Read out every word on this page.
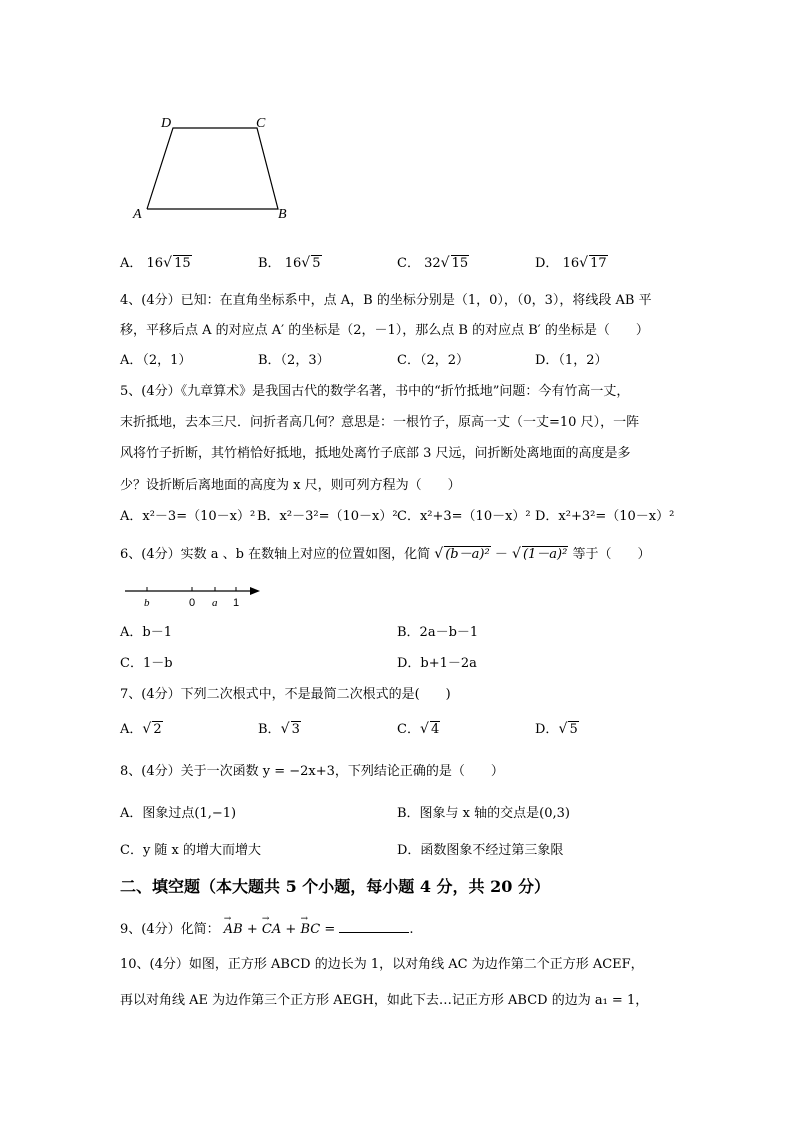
D	C
A	B
A． 16 √ 15	B． 16 √ 5	C． 32 √ 15	D． 16 √ 17
4、(4分）已知：在直角坐标系中，点 A，B 的坐标分别是（1，0），（0，3），将线段 AB 平
移，平移后点 A 的对应点 A′ 的坐标是（2，－1），那么点 B 的对应点 B′ 的坐标是（　　）
A．（2，1）	B．（2，3）	C．（2，2）	D．（1，2）
5、(4分）《九章算术》是我国古代的数学名著，书中的“折竹抵地”问题：今有竹高一丈，
末折抵地，去本三尺．问折者高几何？意思是：一根竹子，原高一丈（一丈=10 尺），一阵
风将竹子折断，其竹梢恰好抵地，抵地处离竹子底部 3 尺远，问折断处离地面的高度是多
少？设折断后离地面的高度为 x 尺，则可列方程为（　　）
A．x²－3=（10－x）² B．x²－3²=（10－x）² C．x²+3=（10－x）² D．x²+3²=（10－x）²
6、(4分）实数 a 、b 在数轴上对应的位置如图，化简 √ (b－a)² － √ (1－a)² 等于（　　）
b	0 a 1
A．b－1	B．2a－b－1
C．1－b	D．b+1－2a
7、(4分）下列二次根式中，不是最简二次根式的是(　　)
A． √ 2	B． √ 3	C． √ 4	D． √ 5
8、(4分）关于一次函数 y = −2x+3，下列结论正确的是（　　）
A．图象过点(1,−1)	B．图象与 x 轴的交点是(0,3)
C．y 随 x 的增大而增大	D．函数图象不经过第三象限
二、填空题（本大题共 5 个小题，每小题 4 分，共 20 分）
9、(4分）化简： → AB + → CA + → BC =	.
10、(4分）如图，正方形 ABCD 的边长为 1，以对角线 AC 为边作第二个正方形 ACEF，
再以对角线 AE 为边作第三个正方形 AEGH，如此下去…记正方形 ABCD 的边为 a₁ = 1，
